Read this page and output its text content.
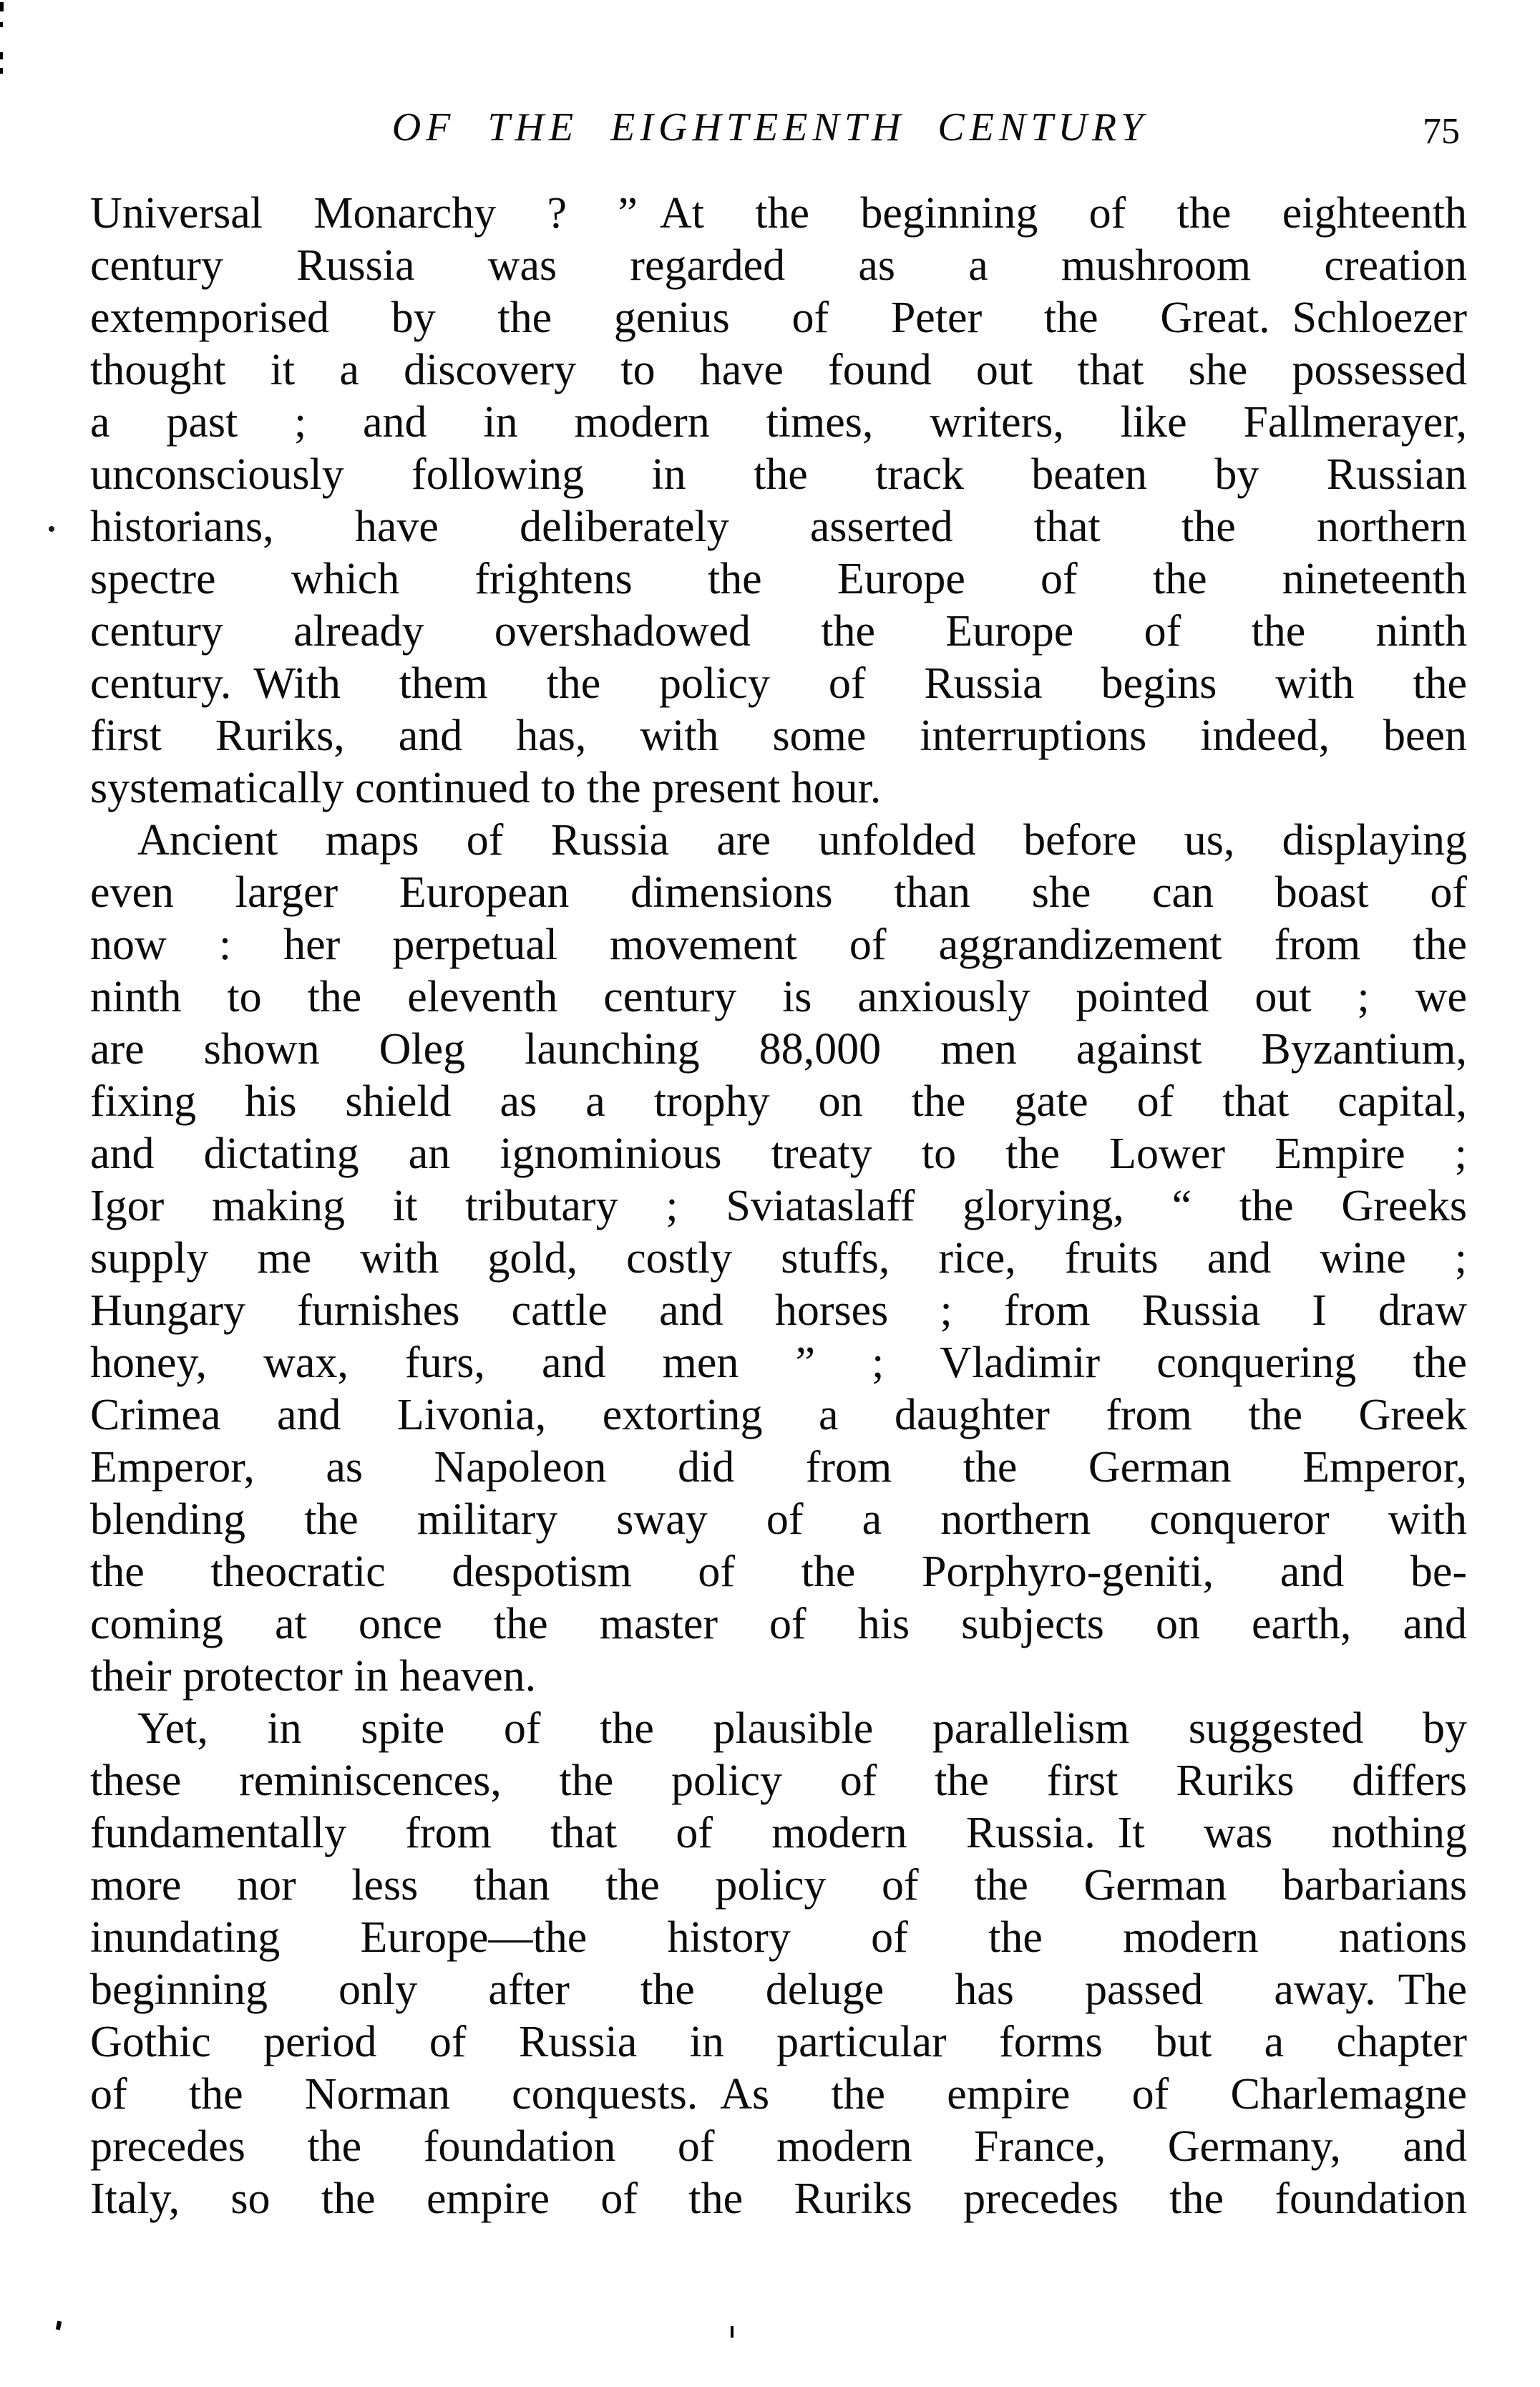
OF THE EIGHTEENTH CENTURY	75
Universal Monarchy ? ” At the beginning of the eighteenth
century Russia was regarded as a mushroom creation
extemporised by the genius of Peter the Great. Schloezer
thought it a discovery to have found out that she possessed
a past ; and in modern times, writers, like Fallmerayer,
unconsciously following in the track beaten by Russian
historians, have deliberately asserted that the northern
spectre which frightens the Europe of the nineteenth
century already overshadowed the Europe of the ninth
century. With them the policy of Russia begins with the
first Ruriks, and has, with some interruptions indeed, been
systematically continued to the present hour.
Ancient maps of Russia are unfolded before us, displaying
even larger European dimensions than she can boast of
now : her perpetual movement of aggrandizement from the
ninth to the eleventh century is anxiously pointed out ; we
are shown Oleg launching 88,000 men against Byzantium,
fixing his shield as a trophy on the gate of that capital,
and dictating an ignominious treaty to the Lower Empire ;
Igor making it tributary ; Sviataslaff glorying, “ the Greeks
supply me with gold, costly stuffs, rice, fruits and wine ;
Hungary furnishes cattle and horses ; from Russia I draw
honey, wax, furs, and men ” ; Vladimir conquering the
Crimea and Livonia, extorting a daughter from the Greek
Emperor, as Napoleon did from the German Emperor,
blending the military sway of a northern conqueror with
the theocratic despotism of the Porphyro-geniti, and be-
coming at once the master of his subjects on earth, and
their protector in heaven.
Yet, in spite of the plausible parallelism suggested by
these reminiscences, the policy of the first Ruriks differs
fundamentally from that of modern Russia. It was nothing
more nor less than the policy of the German barbarians
inundating Europe—the history of the modern nations
beginning only after the deluge has passed away. The
Gothic period of Russia in particular forms but a chapter
of the Norman conquests. As the empire of Charlemagne
precedes the foundation of modern France, Germany, and
Italy, so the empire of the Ruriks precedes the foundation
